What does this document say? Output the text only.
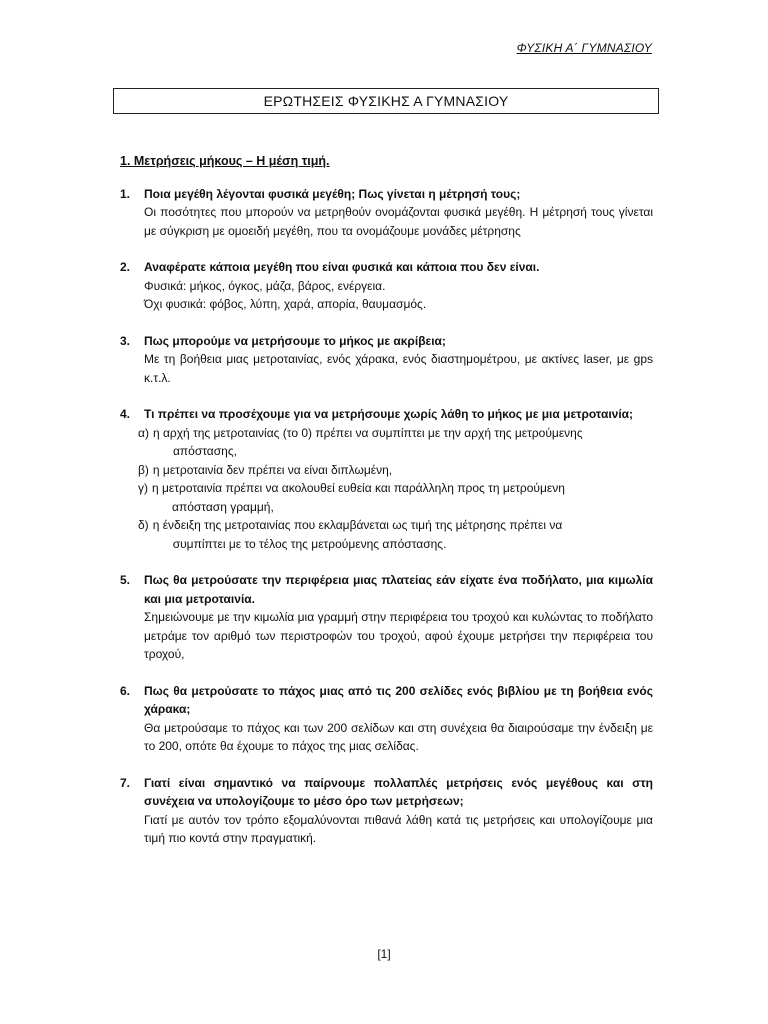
ΦΥΣΙΚΗ Α΄ ΓΥΜΝΑΣΙΟΥ
ΕΡΩΤΗΣΕΙΣ ΦΥΣΙΚΗΣ Α ΓΥΜΝΑΣΙΟΥ
1. Μετρήσεις μήκους – Η μέση τιμή.
1.	Ποια μεγέθη λέγονται φυσικά μεγέθη; Πως γίνεται η μέτρησή τους;
Οι ποσότητες που μπορούν να μετρηθούν ονομάζονται φυσικά μεγέθη. Η μέτρησή τους γίνεται με σύγκριση με ομοειδή μεγέθη, που τα ονομάζουμε μονάδες μέτρησης
2.	Αναφέρατε κάποια μεγέθη που είναι φυσικά και κάποια που δεν είναι.
Φυσικά: μήκος, όγκος, μάζα, βάρος, ενέργεια.
Όχι φυσικά: φόβος, λύπη, χαρά, απορία, θαυμασμός.
3.	Πως μπορούμε να μετρήσουμε το μήκος με ακρίβεια;
Με τη βοήθεια μιας μετροταινίας, ενός χάρακα, ενός διαστημομέτρου, με ακτίνες laser, με gps κ.τ.λ.
4.	Τι πρέπει να προσέχουμε για να μετρήσουμε χωρίς λάθη το μήκος με μια μετροταινία;
α) η αρχή της μετροταινίας (το 0) πρέπει να συμπίπτει με την αρχή της μετρούμενης
απόστασης,
β) η μετροταινία δεν πρέπει να είναι διπλωμένη,
γ) η μετροταινία πρέπει να ακολουθεί ευθεία και παράλληλη προς τη μετρούμενη
απόσταση γραμμή,
δ) η ένδειξη της μετροταινίας που εκλαμβάνεται ως τιμή της μέτρησης πρέπει να
συμπίπτει με το τέλος της μετρούμενης απόστασης.
5.	Πως θα μετρούσατε την περιφέρεια μιας πλατείας εάν είχατε ένα ποδήλατο, μια κιμωλία και μια μετροταινία.
Σημειώνουμε με την κιμωλία μια γραμμή στην περιφέρεια του τροχού και κυλώντας το ποδήλατο μετράμε τον αριθμό των περιστροφών του τροχού, αφού έχουμε μετρήσει την περιφέρεια του τροχού,
6.	Πως θα μετρούσατε το πάχος μιας από τις 200 σελίδες ενός βιβλίου με τη βοήθεια ενός χάρακα;
Θα μετρούσαμε το πάχος και των 200 σελίδων και στη συνέχεια θα διαιρούσαμε την ένδειξη με το 200, οπότε θα έχουμε το πάχος της μιας σελίδας.
7.	Γιατί είναι σημαντικό να παίρνουμε πολλαπλές μετρήσεις ενός μεγέθους και στη συνέχεια να υπολογίζουμε το μέσο όρο των μετρήσεων;
Γιατί με αυτόν τον τρόπο εξομαλύνονται πιθανά λάθη κατά τις μετρήσεις και υπολογίζουμε μια τιμή πιο κοντά στην πραγματική.
[1]
